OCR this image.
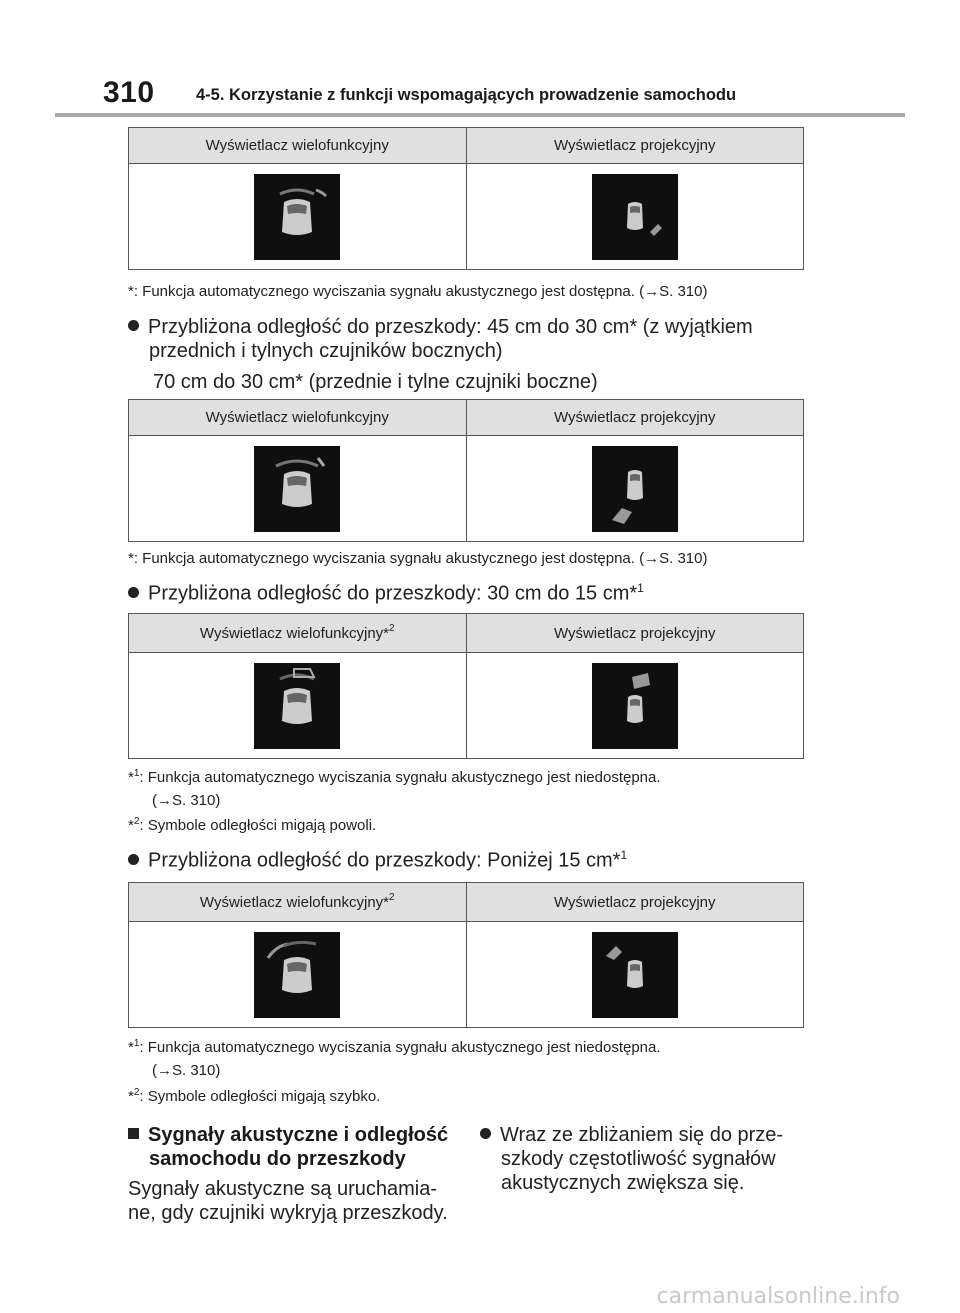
310	4-5. Korzystanie z funkcji wspomagających prowadzenie samochodu
Wyświetlacz wielofunkcyjny	Wyświetlacz projekcyjny
*: Funkcja automatycznego wyciszania sygnału akustycznego jest dostępna. (→S. 310)
Przybliżona odległość do przeszkody: 45 cm do 30 cm* (z wyjątkiem
przednich i tylnych czujników bocznych)
70 cm do 30 cm* (przednie i tylne czujniki boczne)
Wyświetlacz wielofunkcyjny	Wyświetlacz projekcyjny
*: Funkcja automatycznego wyciszania sygnału akustycznego jest dostępna. (→S. 310)
Przybliżona odległość do przeszkody: 30 cm do 15 cm*$^1$
Wyświetlacz wielofunkcyjny*$^2$	Wyświetlacz projekcyjny
*$^1$: Funkcja automatycznego wyciszania sygnału akustycznego jest niedostępna.
(→S. 310)
*$^2$: Symbole odległości migają powoli.
Przybliżona odległość do przeszkody: Poniżej 15 cm*$^1$
Wyświetlacz wielofunkcyjny*$^2$	Wyświetlacz projekcyjny
*$^1$: Funkcja automatycznego wyciszania sygnału akustycznego jest niedostępna.
(→S. 310)
*$^2$: Symbole odległości migają szybko.
Sygnały akustyczne i odległość
samochodu do przeszkody
Sygnały akustyczne są uruchamia-
ne, gdy czujniki wykryją przeszkody.
Wraz ze zbliżaniem się do prze-
szkody częstotliwość sygnałów
akustycznych zwiększa się.
carmanualsonline.info
